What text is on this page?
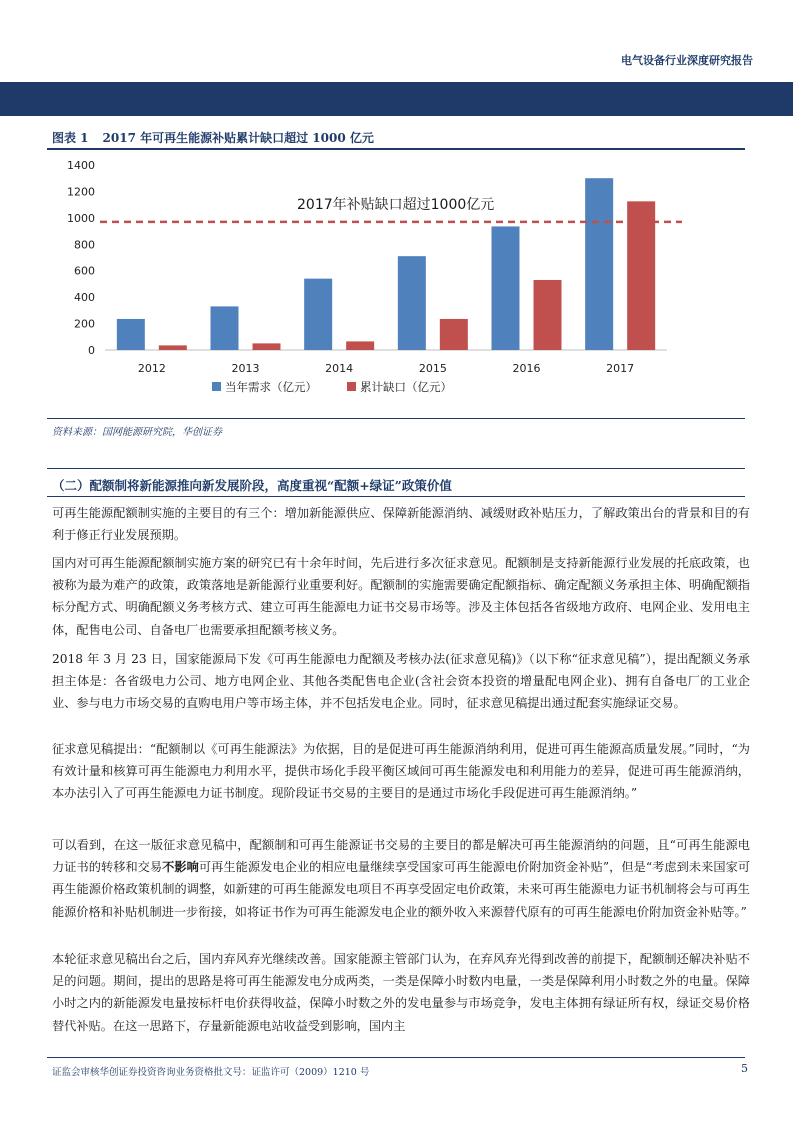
电气设备行业深度研究报告
图表 1 2017 年可再生能源补贴累计缺口超过 1000 亿元
0
200
400
600
800
1000
1200
1400
2012	2013	2014	2015	2016	2017
2017年补贴缺口超过1000亿元
当年需求（亿元）	累计缺口（亿元）
资料来源：国网能源研究院，华创证券
（二）配额制将新能源推向新发展阶段，高度重视“配额+绿证”政策价值

可再生能源配额制实施的主要目的有三个：增加新能源供应、保障新能源消纳、减缓财政补贴压力，了解政策出台的背景和目的有利于修正行业发展预期。

国内对可再生能源配额制实施方案的研究已有十余年时间，先后进行多次征求意见。配额制是支持新能源行业发展的托底政策，也被称为最为难产的政策，政策落地是新能源行业重要利好。配额制的实施需要确定配额指标、确定配额义务承担主体、明确配额指标分配方式、明确配额义务考核方式、建立可再生能源电力证书交易市场等。涉及主体包括各省级地方政府、电网企业、发用电主体，配售电公司、自备电厂也需要承担配额考核义务。

2018 年 3 月 23 日，国家能源局下发《可再生能源电力配额及考核办法(征求意见稿)》（以下称“征求意见稿”），提出配额义务承担主体是：各省级电力公司、地方电网企业、其他各类配售电企业(含社会资本投资的增量配电网企业)、拥有自备电厂的工业企业、参与电力市场交易的直购电用户等市场主体，并不包括发电企业。同时，征求意见稿提出通过配套实施绿证交易。

征求意见稿提出：“配额制以《可再生能源法》为依据，目的是促进可再生能源消纳利用，促进可再生能源高质量发展。”同时，“为有效计量和核算可再生能源电力利用水平，提供市场化手段平衡区域间可再生能源发电和利用能力的差异，促进可再生能源消纳，本办法引入了可再生能源电力证书制度。现阶段证书交易的主要目的是通过市场化手段促进可再生能源消纳。”

可以看到，在这一版征求意见稿中，配额制和可再生能源证书交易的主要目的都是解决可再生能源消纳的问题，且“可再生能源电力证书的转移和交易不影响可再生能源发电企业的相应电量继续享受国家可再生能源电价附加资金补贴”，但是“考虑到未来国家可再生能源价格政策机制的调整，如新建的可再生能源发电项目不再享受固定电价政策，未来可再生能源电力证书机制将会与可再生能源价格和补贴机制进一步衔接，如将证书作为可再生能源发电企业的额外收入来源替代原有的可再生能源电价附加资金补贴等。”

本轮征求意见稿出台之后，国内弃风弃光继续改善。国家能源主管部门认为，在弃风弃光得到改善的前提下，配额制还解决补贴不足的问题。期间，提出的思路是将可再生能源发电分成两类，一类是保障小时数内电量，一类是保障利用小时数之外的电量。保障小时之内的新能源发电量按标杆电价获得收益，保障小时数之外的发电量参与市场竞争，发电主体拥有绿证所有权，绿证交易价格替代补贴。在这一思路下，存量新能源电站收益受到影响，国内主

证监会审核华创证券投资咨询业务资格批文号：证监许可（2009）1210 号	5
